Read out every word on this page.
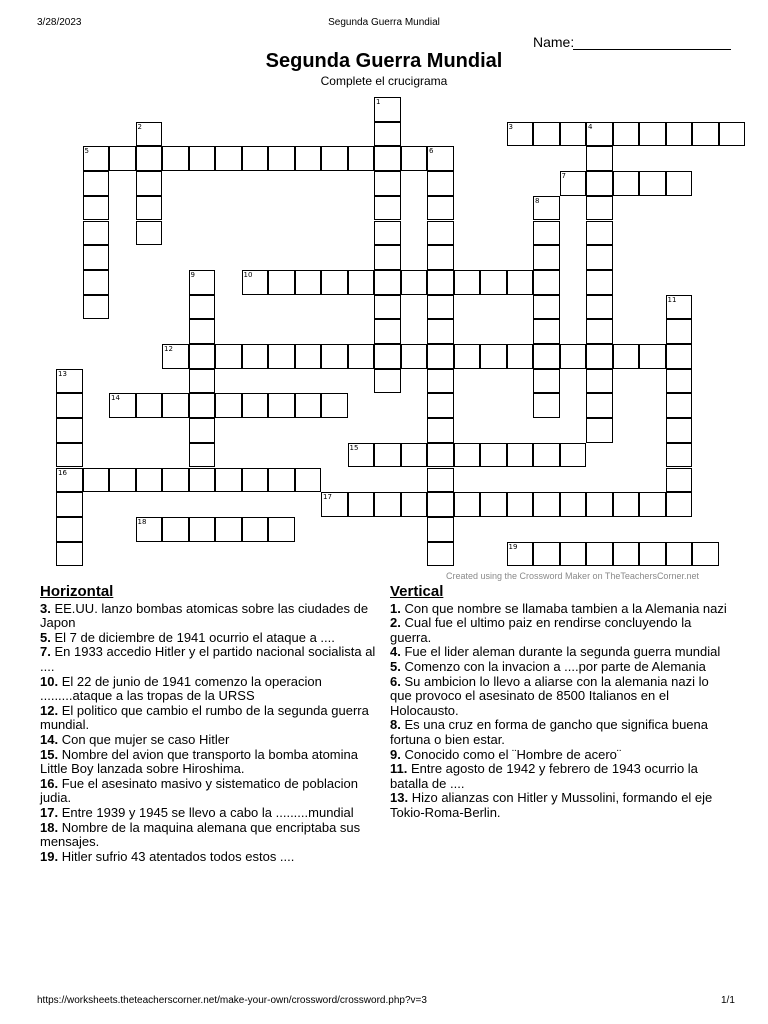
3/28/2023	Segunda Guerra Mundial
Name:
Segunda Guerra Mundial
Complete el crucigrama
1
2	3	4
5	6
7
8
9	10
11
12
13
16
14
15
17
18
19
Created using the Crossword Maker on TheTeachersCorner.net
Horizontal
3. EE.UU. lanzo bombas atomicas sobre las ciudades de Japon
5. El 7 de diciembre de 1941 ocurrio el ataque a ....
7. En 1933 accedio Hitler y el partido nacional socialista al ....
10. El 22 de junio de 1941 comenzo la operacion .........ataque a las tropas de la URSS
12. El politico que cambio el rumbo de la segunda guerra mundial.
14. Con que mujer se caso Hitler
15. Nombre del avion que transporto la bomba atomina Little Boy lanzada sobre Hiroshima.
16. Fue el asesinato masivo y sistematico de poblacion judia.
17. Entre 1939 y 1945 se llevo a cabo la .........mundial
18. Nombre de la maquina alemana que encriptaba sus mensajes.
19. Hitler sufrio 43 atentados todos estos ....
Vertical
1. Con que nombre se llamaba tambien a la Alemania nazi
2. Cual fue el ultimo paiz en rendirse concluyendo la guerra.
4. Fue el lider aleman durante la segunda guerra mundial
5. Comenzo con la invacion a ....por parte de Alemania
6. Su ambicion lo llevo a aliarse con la alemania nazi lo que provoco el asesinato de 8500 Italianos en el Holocausto.
8. Es una cruz en forma de gancho que significa buena fortuna o bien estar.
9. Conocido como el ¨Hombre de acero¨
11. Entre agosto de 1942 y febrero de 1943 ocurrio la batalla de ....
13. Hizo alianzas con Hitler y Mussolini, formando el eje Tokio-Roma-Berlin.
https://worksheets.theteacherscorner.net/make-your-own/crossword/crossword.php?v=3	1/1
